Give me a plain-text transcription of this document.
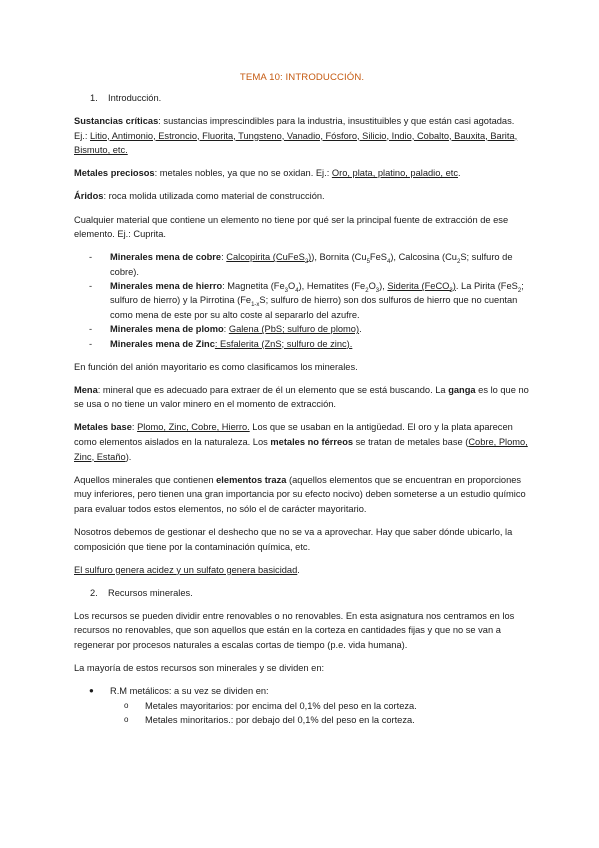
TEMA 10: INTRODUCCIÓN.
1.	Introducción.

Sustancias críticas: sustancias imprescindibles para la industria, insustituibles y que están casi agotadas. Ej.: Litio, Antimonio, Estroncio, Fluorita, Tungsteno, Vanadio, Fósforo, Silicio, Indio, Cobalto, Bauxita, Barita, Bismuto, etc.

Metales preciosos: metales nobles, ya que no se oxidan. Ej.: Oro, plata, platino, paladio, etc.

Áridos: roca molida utilizada como material de construcción.

Cualquier material que contiene un elemento no tiene por qué ser la principal fuente de extracción de ese elemento. Ej.: Cuprita.

-	Minerales mena de cobre: Calcopirita (CuFeS$_2$)), Bornita $(Cu_5FeS_4)$, Calcosina ($Cu_2S$; sulfuro de cobre).
-	Minerales mena de hierro: Magnetita $(Fe_3O_4)$, Hematites $(Fe_2O_3)$, Siderita (FeCO$_3$). La Pirita (FeS$_2$; sulfuro de hierro) y la Pirrotina ($Fe_{1-x}S$; sulfuro de hierro) son dos sulfuros de hierro que no cuentan como mena de este por su alto coste al separarlo del azufre.
-	Minerales mena de plomo: Galena (PbS; sulfuro de plomo).
-	Minerales mena de Zinc: Esfalerita (ZnS; sulfuro de zinc).

En función del anión mayoritario es como clasificamos los minerales.

Mena: mineral que es adecuado para extraer de él un elemento que se está buscando. La ganga es lo que no se usa o no tiene un valor minero en el momento de extracción.

Metales base: Plomo, Zinc, Cobre, Hierro. Los que se usaban en la antigüedad. El oro y la plata aparecen como elementos aislados en la naturaleza. Los metales no férreos se tratan de metales base (Cobre, Plomo, Zinc, Estaño).

Aquellos minerales que contienen elementos traza (aquellos elementos que se encuentran en proporciones muy inferiores, pero tienen una gran importancia por su efecto nocivo) deben someterse a un estudio químico para evaluar todos estos elementos, no sólo el de carácter mayoritario.

Nosotros debemos de gestionar el deshecho que no se va a aprovechar. Hay que saber dónde ubicarlo, la composición que tiene por la contaminación química, etc.

El sulfuro genera acidez y un sulfato genera basicidad.

2.	Recursos minerales.

Los recursos se pueden dividir entre renovables o no renovables. En esta asignatura nos centramos en los recursos no renovables, que son aquellos que están en la corteza en cantidades fijas y que no se van a regenerar por procesos naturales a escalas cortas de tiempo (p.e. vida humana).

La mayoría de estos recursos son minerales y se dividen en:

●	R.M metálicos: a su vez se dividen en:
o	Metales mayoritarios: por encima del 0,1% del peso en la corteza.
o	Metales minoritarios.: por debajo del 0,1% del peso en la corteza.
